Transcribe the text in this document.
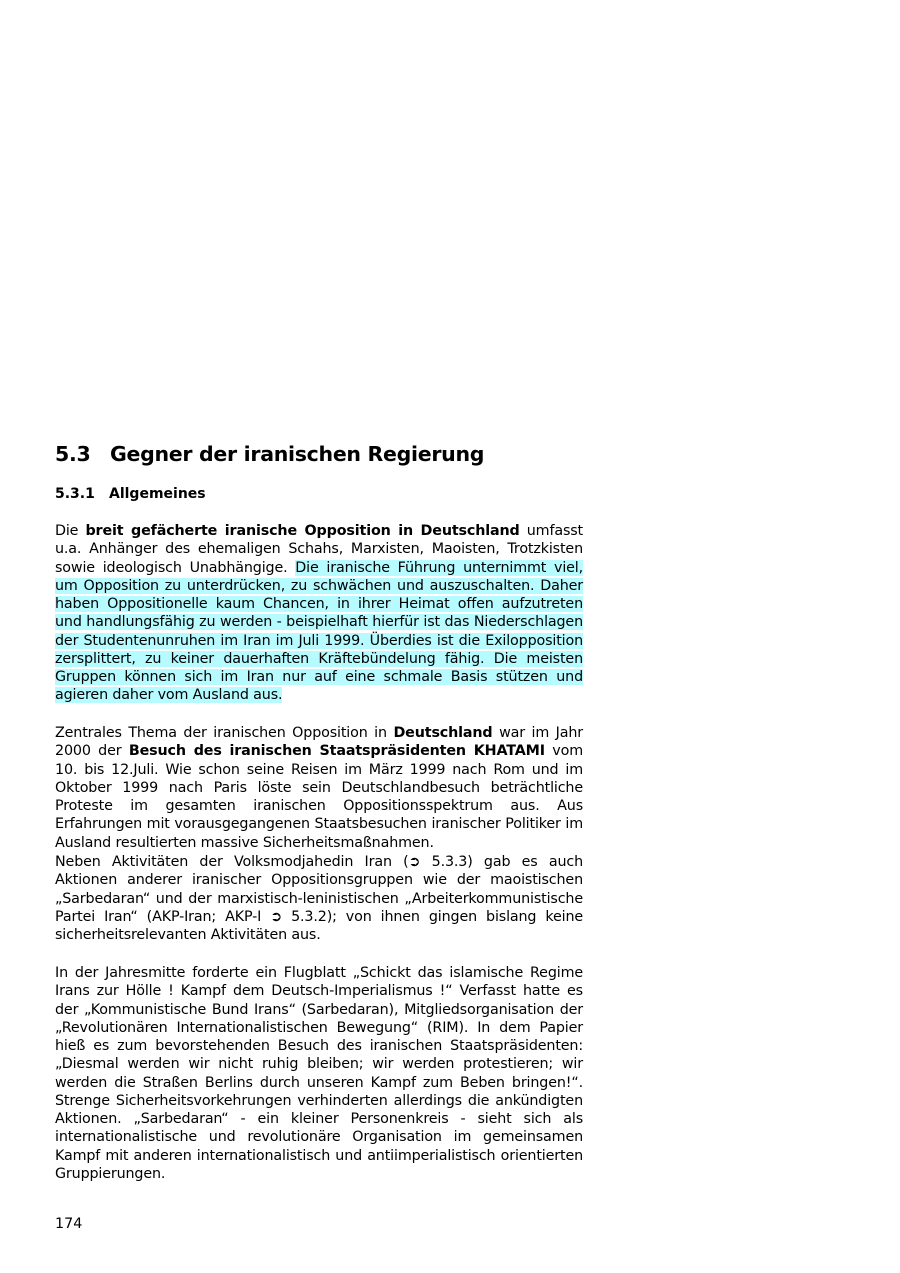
5.3 Gegner der iranischen Regierung
5.3.1 Allgemeines

Die breit gefächerte iranische Opposition in Deutschland umfasst u.a. Anhänger des ehemaligen Schahs, Marxisten, Maoisten, Trotzkisten sowie ideologisch Unabhängige. Die iranische Führung unternimmt viel, um Opposition zu unterdrücken, zu schwächen und auszuschalten. Daher haben Oppositionelle kaum Chancen, in ihrer Heimat offen aufzutreten und handlungsfähig zu werden - beispielhaft hierfür ist das Niederschlagen der Studentenunruhen im Iran im Juli 1999. Überdies ist die Exilopposition zersplittert, zu keiner dauerhaften Kräftebündelung fähig. Die meisten Gruppen können sich im Iran nur auf eine schmale Basis stützen und agieren daher vom Ausland aus.

Zentrales Thema der iranischen Opposition in Deutschland war im Jahr 2000 der Besuch des iranischen Staatspräsidenten KHATAMI vom 10. bis 12.Juli. Wie schon seine Reisen im März 1999 nach Rom und im Oktober 1999 nach Paris löste sein Deutschlandbesuch beträchtliche Proteste im gesamten iranischen Oppositionsspektrum aus. Aus Erfahrungen mit vorausgegangenen Staatsbesuchen iranischer Politiker im Ausland resultierten massive Sicherheitsmaßnahmen.

Neben Aktivitäten der Volksmodjahedin Iran (➲ 5.3.3) gab es auch Aktionen anderer iranischer Oppositionsgruppen wie der maoistischen „Sarbedaran“ und der marxistisch-leninistischen „Arbeiterkommunistische Partei Iran“ (AKP-Iran; AKP-I ➲ 5.3.2); von ihnen gingen bislang keine sicherheitsrelevanten Aktivitäten aus.

In der Jahresmitte forderte ein Flugblatt „Schickt das islamische Regime Irans zur Hölle ! Kampf dem Deutsch-Imperialismus !“ Verfasst hatte es der „Kommunistische Bund Irans“ (Sarbedaran), Mitgliedsorganisation der „Revolutionären Internationalistischen Bewegung“ (RIM). In dem Papier hieß es zum bevorstehenden Besuch des iranischen Staatspräsidenten: „Diesmal werden wir nicht ruhig bleiben; wir werden protestieren; wir werden die Straßen Berlins durch unseren Kampf zum Beben bringen!“. Strenge Sicherheitsvorkehrungen verhinderten allerdings die ankündigten Aktionen. „Sarbedaran“ - ein kleiner Personenkreis - sieht sich als internationalistische und revolutionäre Organisation im gemeinsamen Kampf mit anderen internationalistisch und antiimperialistisch orientierten Gruppierungen.

174
